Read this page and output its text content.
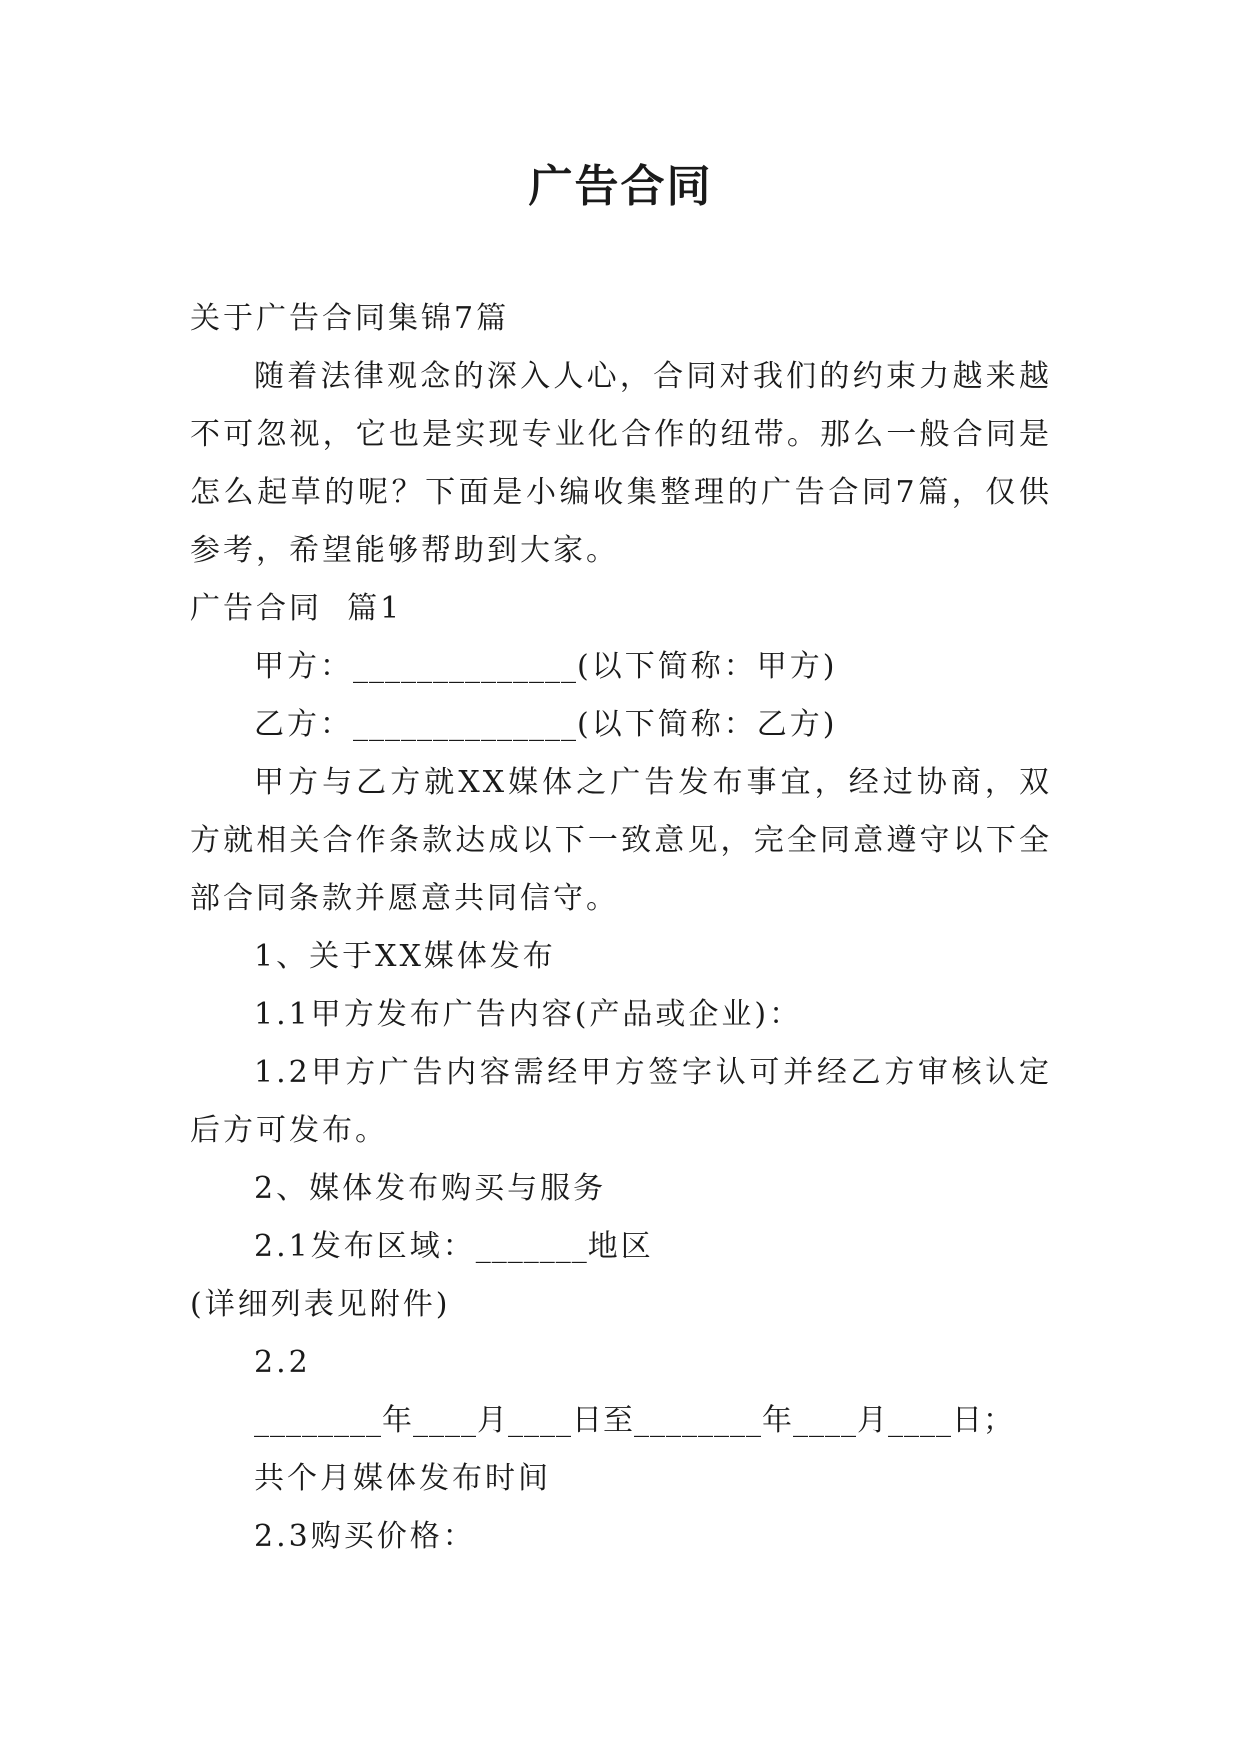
广告合同

关于广告合同集锦7篇

随着法律观念的深入人心，合同对我们的约束力越来越不可忽视，它也是实现专业化合作的纽带。那么一般合同是怎么起草的呢？下面是小编收集整理的广告合同7篇，仅供参考，希望能够帮助到大家。

广告合同  篇1

甲方：______________(以下简称：甲方)

乙方：______________(以下简称：乙方)

甲方与乙方就XX媒体之广告发布事宜，经过协商，双方就相关合作条款达成以下一致意见，完全同意遵守以下全部合同条款并愿意共同信守。

1、关于XX媒体发布

1.1甲方发布广告内容(产品或企业)：

1.2甲方广告内容需经甲方签字认可并经乙方审核认定后方可发布。

2、媒体发布购买与服务

2.1发布区域：_______地区

(详细列表见附件)

2.2

________年____月____日至________年____月____日；

共个月媒体发布时间

2.3购买价格：
